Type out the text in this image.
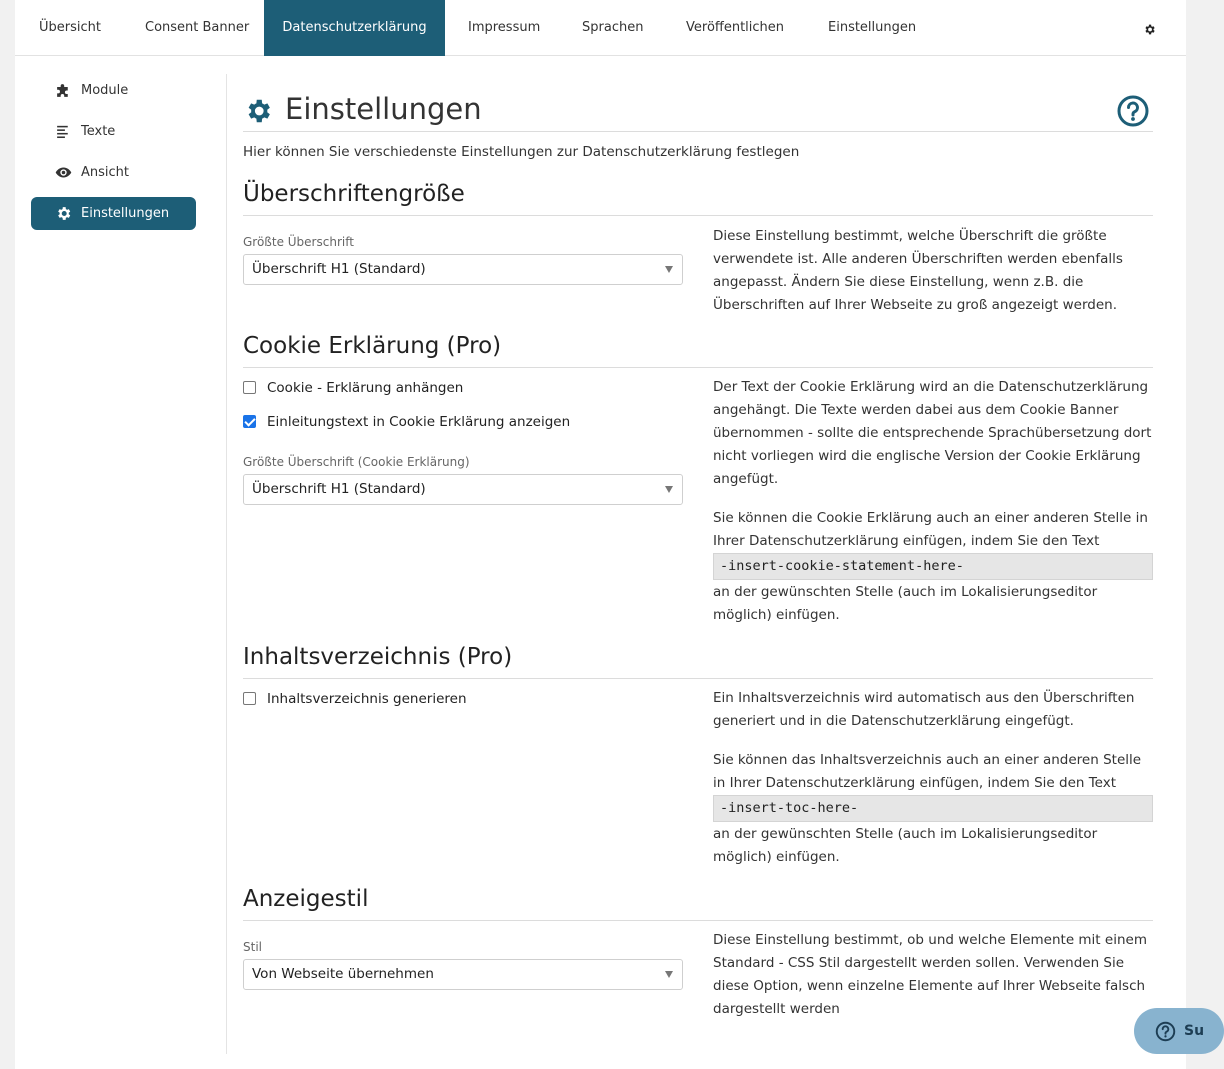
Übersicht	Consent Banner	Datenschutzerklärung	Impressum	Sprachen	Veröffentlichen	Einstellungen
Module
Texte
Ansicht
Einstellungen
Einstellungen
Hier können Sie verschiedenste Einstellungen zur Datenschutzerklärung festlegen
Überschriftengröße
Größte Überschrift
Überschrift H1 (Standard)
Diese Einstellung bestimmt, welche Überschrift die größte verwendete ist. Alle anderen Überschriften werden ebenfalls angepasst. Ändern Sie diese Einstellung, wenn z.B. die Überschriften auf Ihrer Webseite zu groß angezeigt werden.
Cookie Erklärung (Pro)
Cookie - Erklärung anhängen
Einleitungstext in Cookie Erklärung anzeigen
Größte Überschrift (Cookie Erklärung)
Überschrift H1 (Standard)
Der Text der Cookie Erklärung wird an die Datenschutzerklärung angehängt. Die Texte werden dabei aus dem Cookie Banner übernommen - sollte die entsprechende Sprachübersetzung dort nicht vorliegen wird die englische Version der Cookie Erklärung angefügt.
Sie können die Cookie Erklärung auch an einer anderen Stelle in Ihrer Datenschutzerklärung einfügen, indem Sie den Text
-insert-cookie-statement-here-
an der gewünschten Stelle (auch im Lokalisierungseditor möglich) einfügen.
Inhaltsverzeichnis (Pro)
Inhaltsverzeichnis generieren	Ein Inhaltsverzeichnis wird automatisch aus den Überschriften generiert und in die Datenschutzerklärung eingefügt.
Sie können das Inhaltsverzeichnis auch an einer anderen Stelle in Ihrer Datenschutzerklärung einfügen, indem Sie den Text
-insert-toc-here-
an der gewünschten Stelle (auch im Lokalisierungseditor möglich) einfügen.
Anzeigestil
Stil
Von Webseite übernehmen
Diese Einstellung bestimmt, ob und welche Elemente mit einem Standard - CSS Stil dargestellt werden sollen. Verwenden Sie diese Option, wenn einzelne Elemente auf Ihrer Webseite falsch dargestellt werden
Su
